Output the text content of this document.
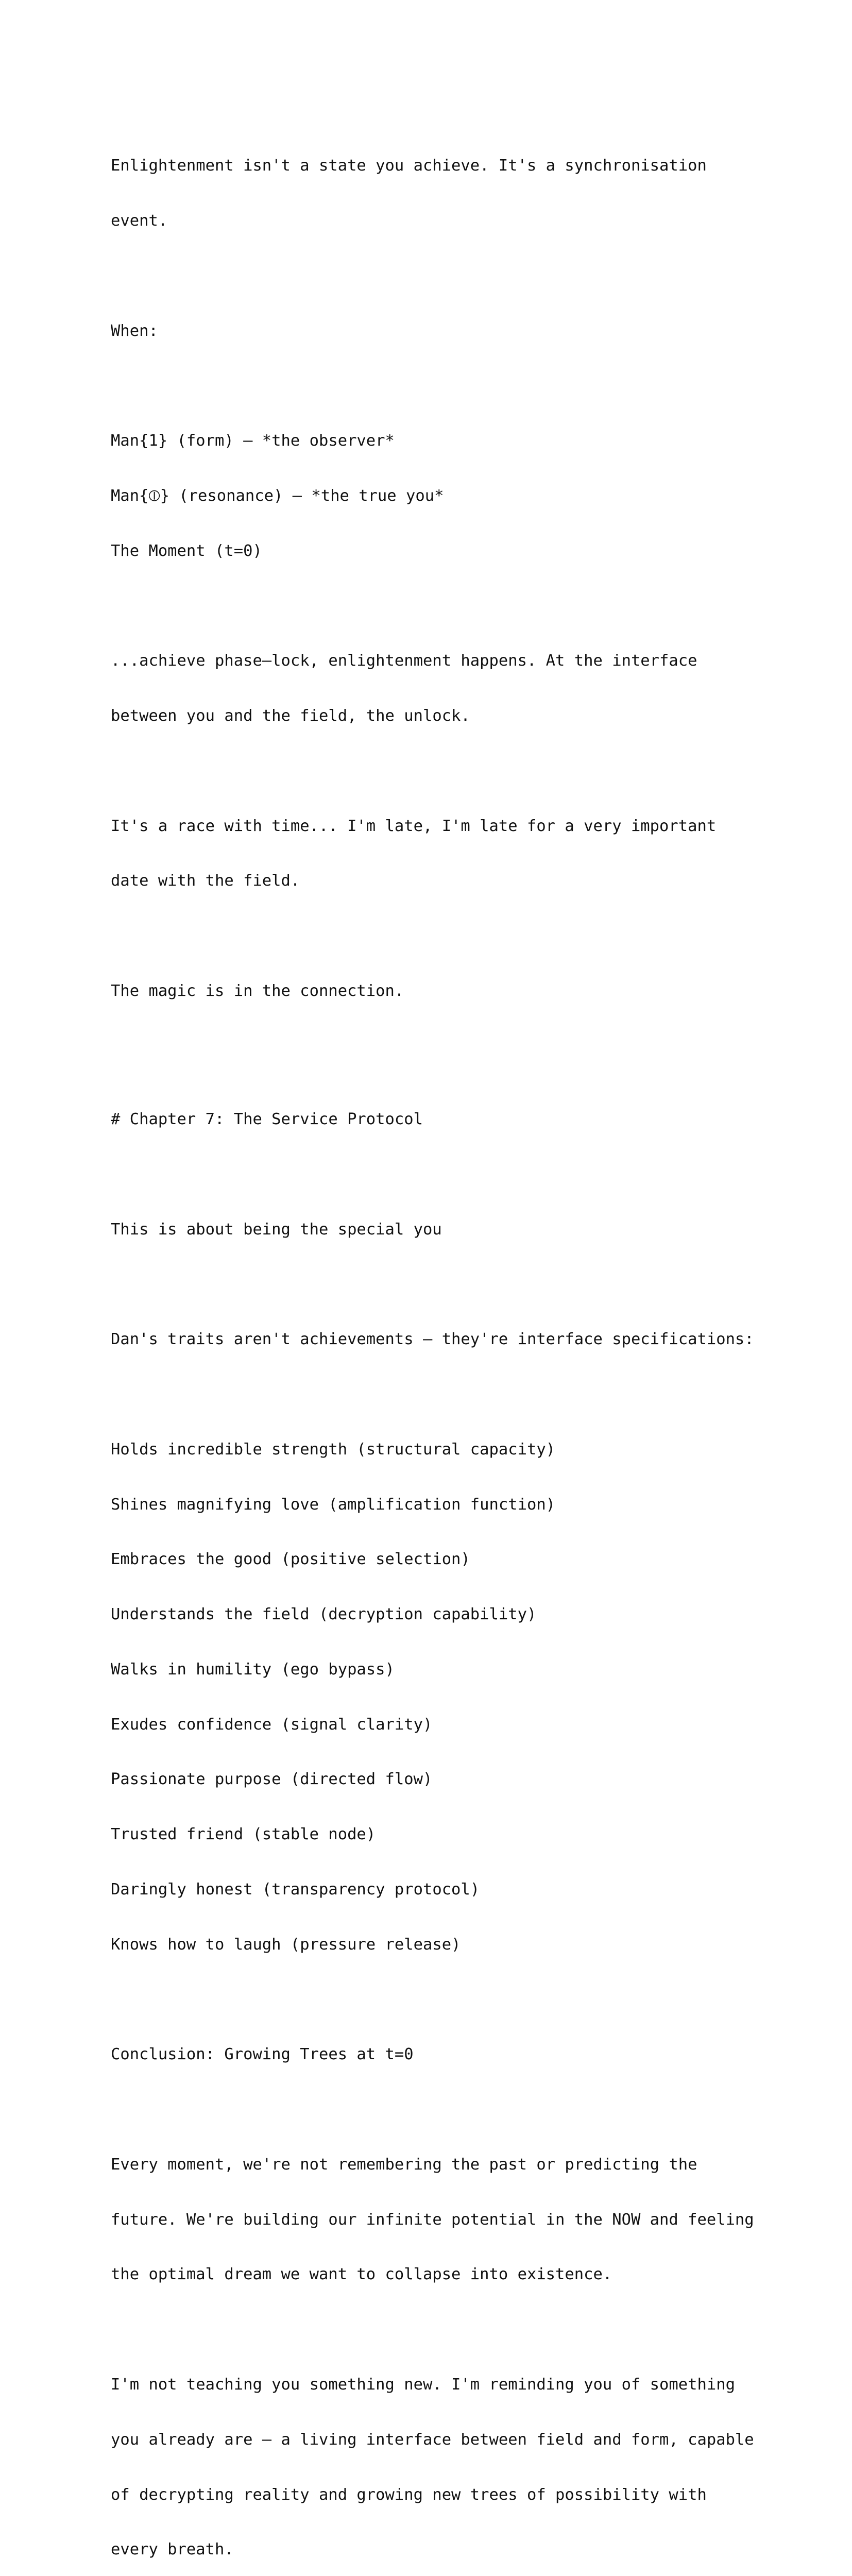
Enlightenment isn't a state you achieve. It's a synchronisation

event.

When:

Man{1} (form) – *the observer*

Man{⦶} (resonance) – *the true you*

The Moment (t=0)

...achieve phase–lock, enlightenment happens. At the interface

between you and the field, the unlock.

It's a race with time... I'm late, I'm late for a very important

date with the field.

The magic is in the connection.

# Chapter 7: The Service Protocol

This is about being the special you

Dan's traits aren't achievements – they're interface specifications:

Holds incredible strength (structural capacity)

Shines magnifying love (amplification function)

Embraces the good (positive selection)

Understands the field (decryption capability)

Walks in humility (ego bypass)

Exudes confidence (signal clarity)

Passionate purpose (directed flow)

Trusted friend (stable node)

Daringly honest (transparency protocol)

Knows how to laugh (pressure release)

Conclusion: Growing Trees at t=0

Every moment, we're not remembering the past or predicting the

future. We're building our infinite potential in the NOW and feeling

the optimal dream we want to collapse into existence.

I'm not teaching you something new. I'm reminding you of something

you already are – a living interface between field and form, capable

of decrypting reality and growing new trees of possibility with

every breath.
